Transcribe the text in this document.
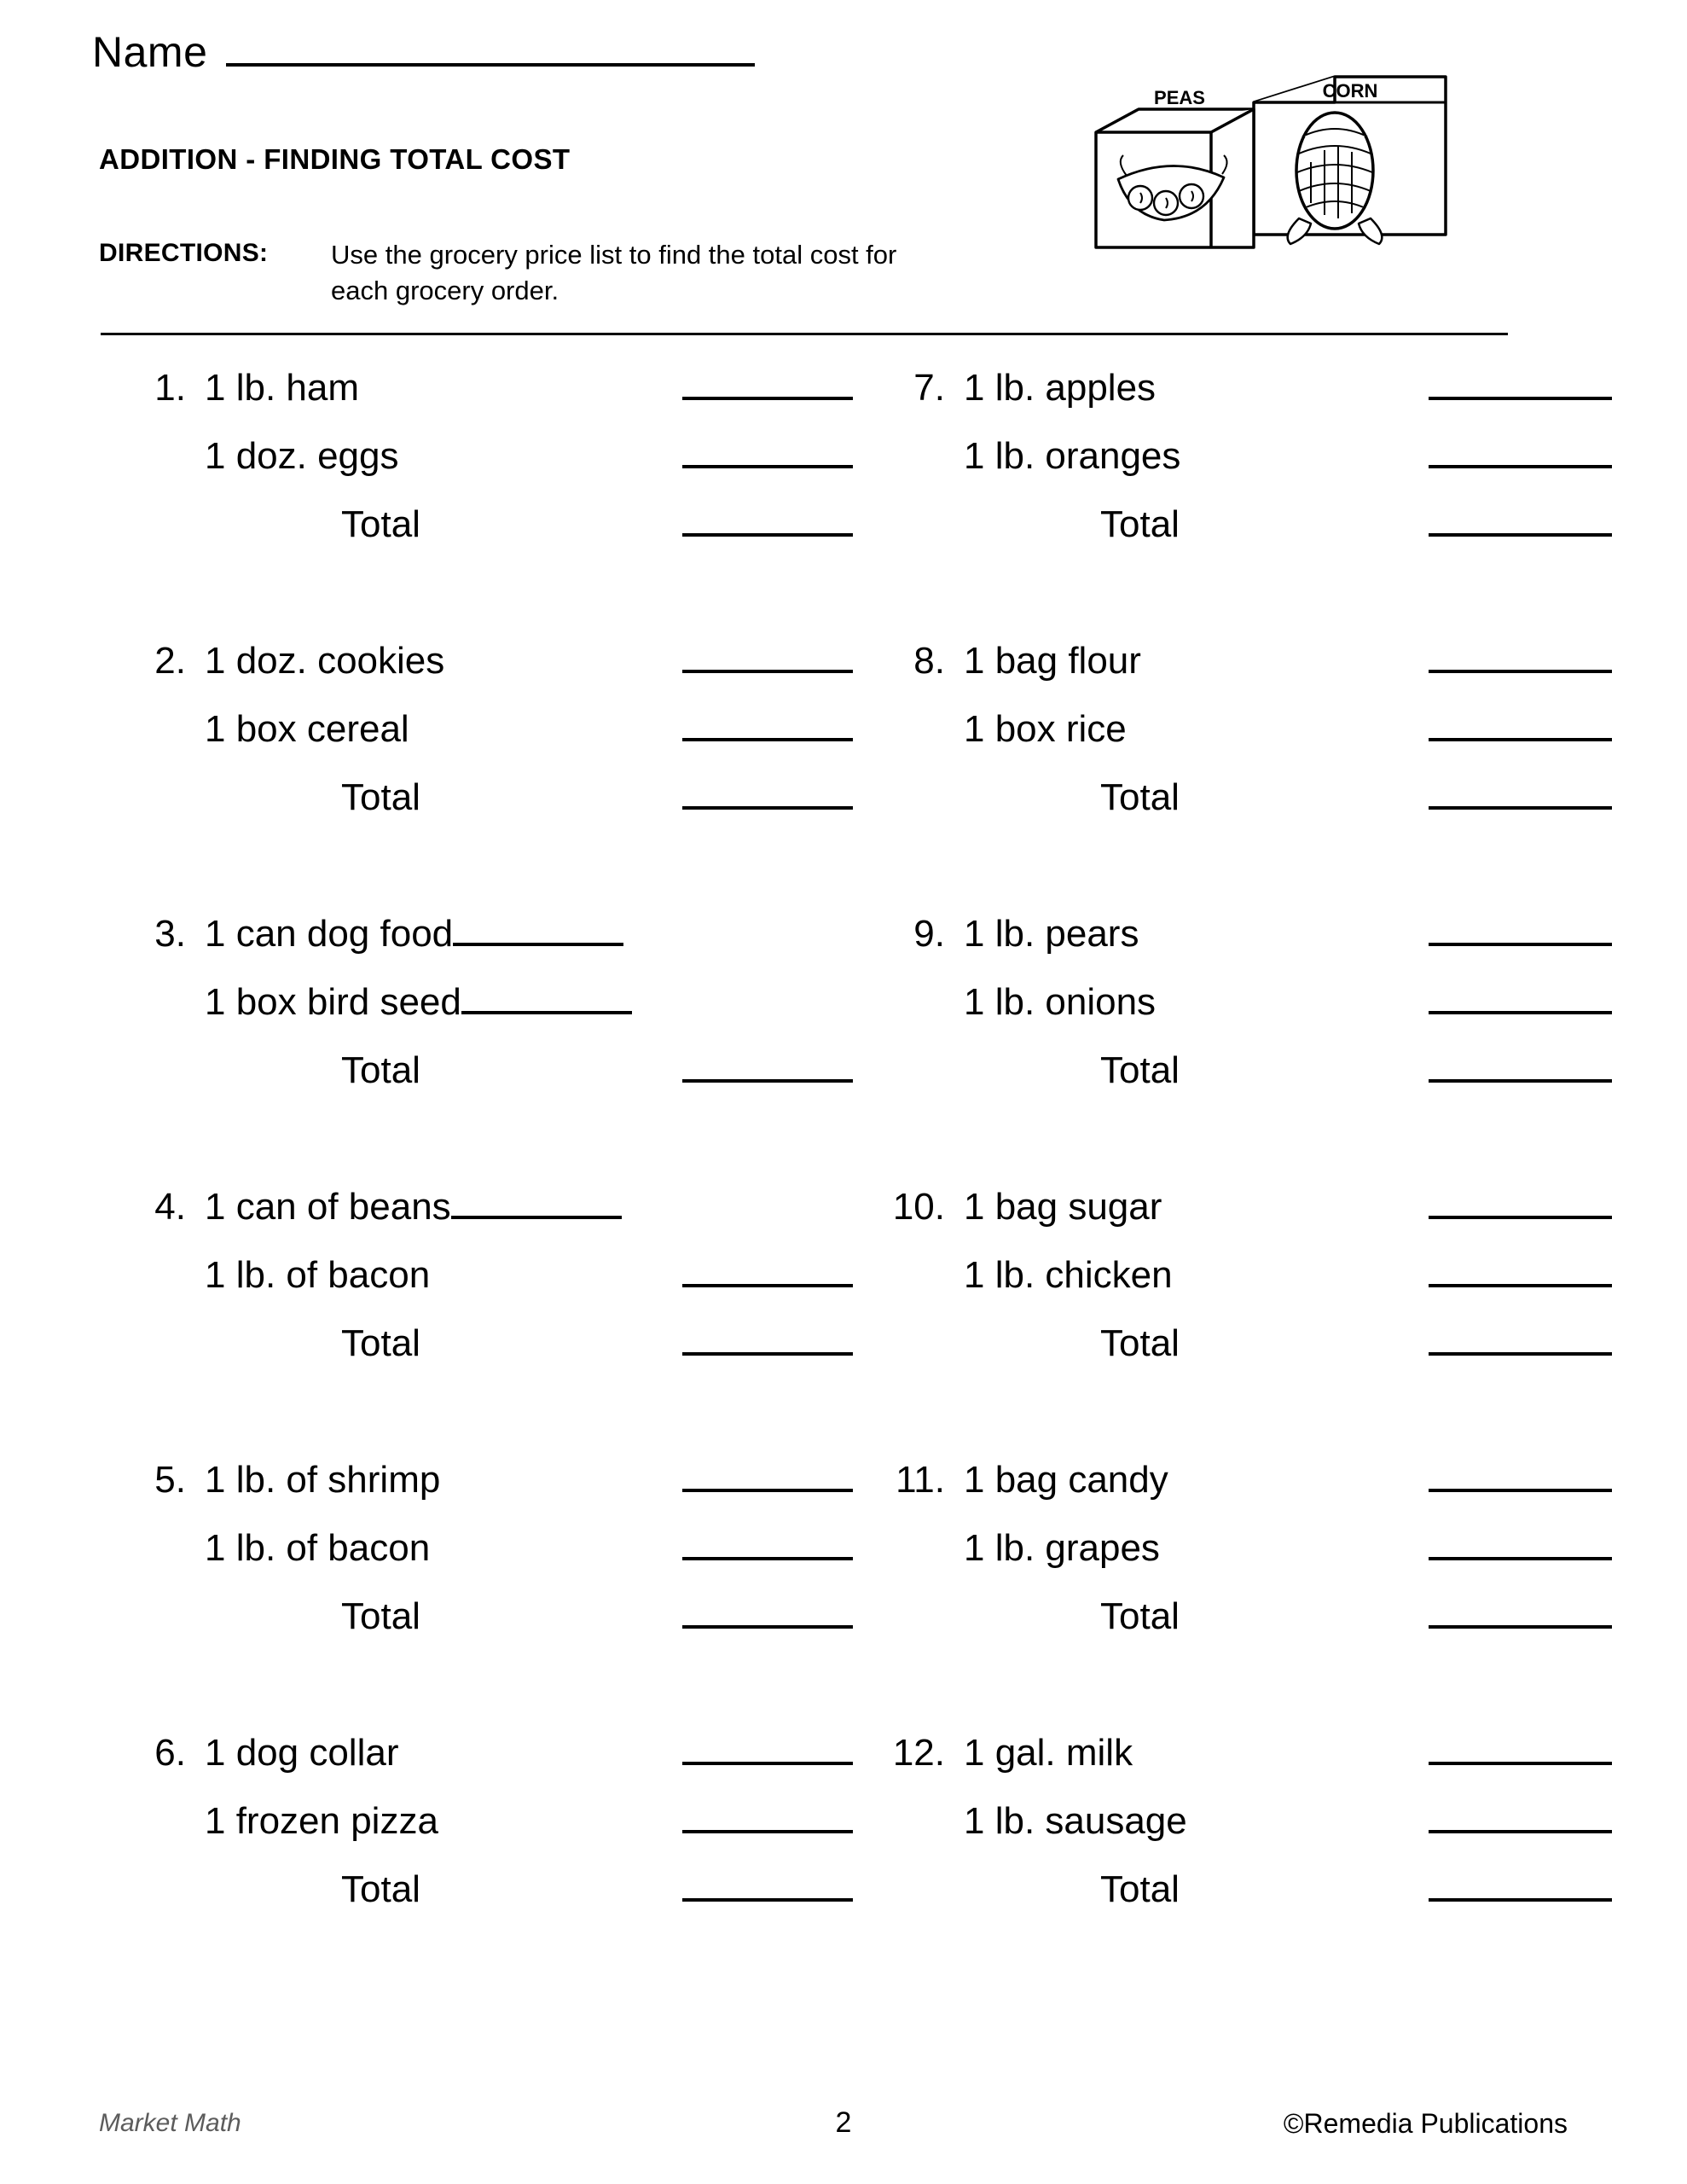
Name
ADDITION - FINDING TOTAL COST
DIRECTIONS: Use the grocery price list to find the total cost for each grocery order.
PEAS	CORN
1. 1 lb. ham
1 doz. eggs
Total
2. 1 doz. cookies
1 box cereal
Total
3. 1 can dog food
1 box bird seed
Total
4. 1 can of beans
1 lb. of bacon
Total
5. 1 lb. of shrimp
1 lb. of bacon
Total
6. 1 dog collar
1 frozen pizza
Total
7. 1 lb. apples
1 lb. oranges
Total
8. 1 bag flour
1 box rice
Total
9. 1 lb. pears
1 lb. onions
Total
10. 1 bag sugar
1 lb. chicken
Total
11. 1 bag candy
1 lb. grapes
Total
12. 1 gal. milk
1 lb. sausage
Total
Market Math	2	©Remedia Publications
